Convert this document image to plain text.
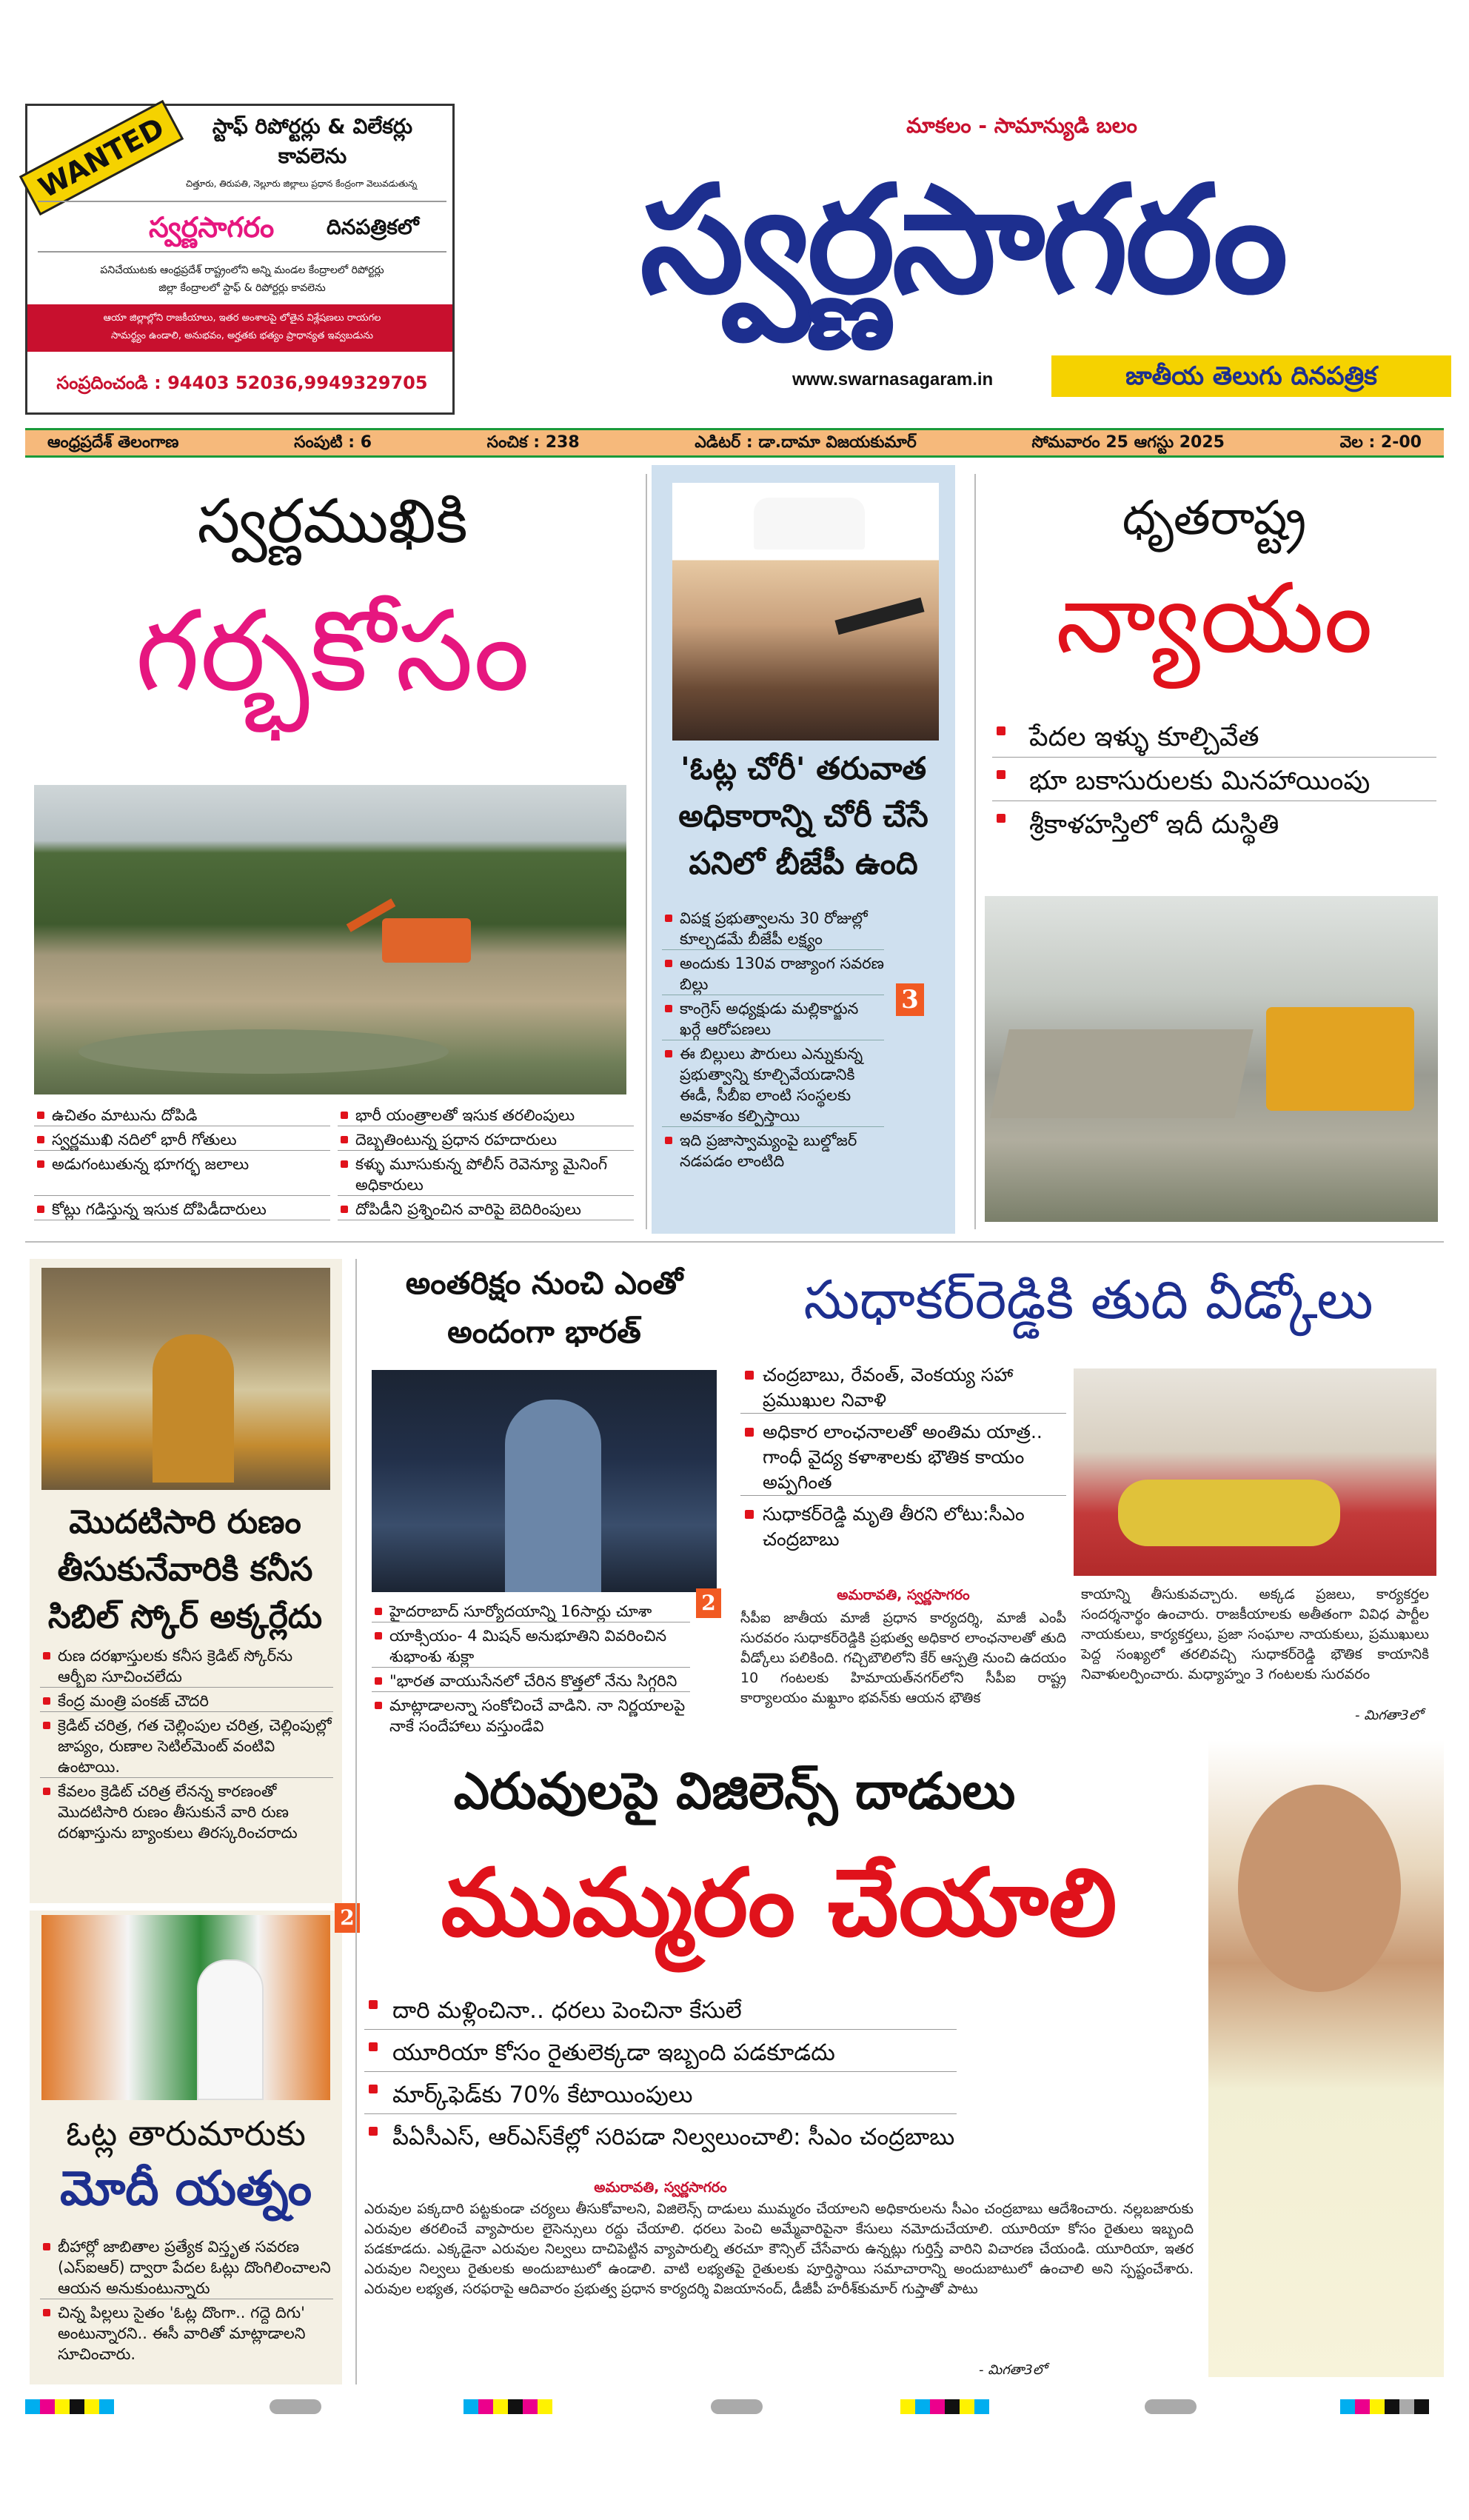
WANTED	స్టాఫ్ రిపోర్టర్లు & విలేకర్లు
కావలెను
చిత్తూరు, తిరుపతి, నెల్లూరు జిల్లాలు ప్రధాన కేంద్రంగా వెలువడుతున్న
స్వర్ణసాగరం	దినపత్రికలో
పనిచేయుటకు ఆంధ్రప్రదేశ్ రాష్ట్రంలోని అన్ని మండల కేంద్రాలలో రిపోర్టర్లు
జిల్లా కేంద్రాలలో స్టాఫ్ & రిపోర్టర్లు కావలెను
ఆయా జిల్లాల్లోని రాజకీయాలు, ఇతర అంశాలపై లోతైన విశ్లేషణలు రాయగల
సామర్థ్యం ఉండాలి, అనుభవం, అర్హతకు భత్యం ప్రాధాన్యత ఇవ్వబడును
సంప్రదించండి : 94403 52036,9949329705
మాకలం - సామాన్యుడి బలం
స్వర్ణసాగరం
www.swarnasagaram.in	జాతీయ తెలుగు దినపత్రిక
ఆంధ్రప్రదేశ్ తెలంగాణ	సంపుటి : 6	సంచిక : 238	ఎడిటర్ : డా.దామా విజయకుమార్	సోమవారం 25 ఆగస్టు 2025	వెల : 2-00
స్వర్ణముఖికి
గర్భకోసం
ఉచితం మాటును దోపిడి	భారీ యంత్రాలతో ఇసుక తరలింపులు
స్వర్ణముఖి నదిలో భారీ గోతులు	దెబ్బతింటున్న ప్రధాన రహదారులు
అడుగంటుతున్న భూగర్భ జలాలు	కళ్ళు మూసుకున్న పోలీస్ రెవెన్యూ మైనింగ్ అధికారులు
కోట్లు గడిస్తున్న ఇసుక దోపిడీదారులు	దోపిడీని ప్రశ్నించిన వారిపై బెదిరింపులు
'ఓట్ల చోరీ' తరువాత అధికారాన్ని చోరీ చేసే పనిలో బీజేపీ ఉంది
విపక్ష ప్రభుత్వాలను 30 రోజుల్లో కూల్చడమే బీజేపీ లక్ష్యం
అందుకు 130వ రాజ్యాంగ సవరణ బిల్లు
కాంగ్రెస్ అధ్యక్షుడు మల్లికార్జున ఖర్గే ఆరోపణలు
ఈ బిల్లులు పౌరులు ఎన్నుకున్న ప్రభుత్వాన్ని కూల్చివేయడానికి ఈడీ, సీబీఐ లాంటి సంస్థలకు అవకాశం కల్పిస్తాయి
ఇది ప్రజాస్వామ్యంపై బుల్డోజర్ నడపడం లాంటిది
3
ధృతరాష్ట్ర
న్యాయం
పేదల ఇళ్ళు కూల్చివేత
భూ బకాసురులకు మినహాయింపు
శ్రీకాళహస్తిలో ఇదీ దుస్థితి
మొదటిసారి రుణం తీసుకునేవారికి కనీస సిబిల్ స్కోర్ అక్కర్లేదు
రుణ దరఖాస్తులకు కనీస క్రెడిట్ స్కోర్‌ను ఆర్బీఐ సూచించలేదు
కేంద్ర మంత్రి పంకజ్ చౌదరి
క్రెడిట్ చరిత్ర, గత చెల్లింపుల చరిత్ర, చెల్లింపుల్లో జాప్యం, రుణాల సెటిల్‌మెంట్ వంటివి ఉంటాయి.
కేవలం క్రెడిట్ చరిత్ర లేనన్న కారణంతో మొదటిసారి రుణం తీసుకునే వారి రుణ దరఖాస్తును బ్యాంకులు తిరస్కరించరాదు
2
ఓట్ల తారుమారుకు
మోదీ యత్నం
బీహార్లో జాబితాల ప్రత్యేక విస్తృత సవరణ (ఎస్ఐఆర్) ద్వారా పేదల ఓట్లు దొంగిలించాలని ఆయన అనుకుంటున్నారు
చిన్న పిల్లలు సైతం 'ఓట్ల దొంగా.. గద్దె దిగు' అంటున్నారని.. ఈసీ వారితో మాట్లాడాలని సూచించారు.
అంతరిక్షం నుంచి ఎంతో అందంగా భారత్
హైదరాబాద్ సూర్యోదయాన్ని 16సార్లు చూశా
యాక్సియం- 4 మిషన్ అనుభూతిని వివరించిన శుభాంశు శుక్లా
"భారత వాయుసేనలో చేరిన కొత్తలో నేను సిగ్గరిని
మాట్లాడాలన్నా సంకోచించే వాడిని. నా నిర్ణయాలపై నాకే సందేహాలు వస్తుండేవి
2
సుధాకర్‌రెడ్డికి తుది వీడ్కోలు
చంద్రబాబు, రేవంత్, వెంకయ్య సహా ప్రముఖుల నివాళి
అధికార లాంఛనాలతో అంతిమ యాత్ర.. గాంధీ వైద్య కళాశాలకు భౌతిక కాయం అప్పగింత
సుధాకర్‌రెడ్డి మృతి తీరని లోటు:సీఎం చంద్రబాబు
అమరావతి, స్వర్ణసాగరం
సీపీఐ జాతీయ మాజీ ప్రధాన కార్యదర్శి, మాజీ ఎంపీ సురవరం సుధాకర్‌రెడ్డికి ప్రభుత్వ అధికార లాంఛనాలతో తుది వీడ్కోలు పలికింది. గచ్చిబౌలిలోని కేర్ ఆస్పత్రి నుంచి ఉదయం 10 గంటలకు హిమాయత్‌నగర్‌లోని సీపీఐ రాష్ట్ర కార్యాలయం మఖ్దూం భవన్‌కు ఆయన భౌతిక
కాయాన్ని తీసుకువచ్చారు. అక్కడ ప్రజలు, కార్యకర్తల సందర్శనార్థం ఉంచారు. రాజకీయాలకు అతీతంగా వివిధ పార్టీల నాయకులు, కార్యకర్తలు, ప్రజా సంఘాల నాయకులు, ప్రముఖులు పెద్ద సంఖ్యలో తరలివచ్చి సుధాకర్‌రెడ్డి భౌతిక కాయానికి నివాళులర్పించారు. మధ్యాహ్నం 3 గంటలకు సురవరం
- మిగతా3లో
ఎరువులపై విజిలెన్స్ దాడులు
ముమ్మరం చేయాలి
దారి మళ్లించినా.. ధరలు పెంచినా కేసులే
యూరియా కోసం రైతులెక్కడా ఇబ్బంది పడకూడదు
మార్క్‌ఫెడ్‌కు 70% కేటాయింపులు
పీఏసీఎస్, ఆర్ఎస్‌కేల్లో సరిపడా నిల్వలుంచాలి: సీఎం చంద్రబాబు
అమరావతి, స్వర్ణసాగరం
ఎరువుల పక్కదారి పట్టకుండా చర్యలు తీసుకోవాలని, విజిలెన్స్ దాడులు ముమ్మరం చేయాలని అధికారులను సీఎం చంద్రబాబు ఆదేశించారు. నల్లబజారుకు ఎరువుల తరలించే వ్యాపారుల లైసెన్సులు రద్దు చేయాలి. ధరలు పెంచి అమ్మేవారిపైనా కేసులు నమోదుచేయాలి. యూరియా కోసం రైతులు ఇబ్బంది పడకూడదు. ఎక్కడైనా ఎరువుల నిల్వలు దాచిపెట్టిన వ్యాపారుల్ని తరచూ కౌన్సిల్ చేసేవారు ఉన్నట్లు గుర్తిస్తే వారిని విచారణ చేయండి. యూరియా, ఇతర ఎరువుల నిల్వలు రైతులకు అందుబాటులో ఉండాలి. వాటి లభ్యతపై రైతులకు పూర్తిస్థాయి సమాచారాన్ని అందుబాటులో ఉంచాలి అని స్పష్టంచేశారు. ఎరువుల లభ్యత, సరఫరాపై ఆదివారం ప్రభుత్వ ప్రధాన కార్యదర్శి విజయానంద్, డీజీపీ హరీశ్‌కుమార్ గుప్తాతో పాటు
- మిగతా3లో
